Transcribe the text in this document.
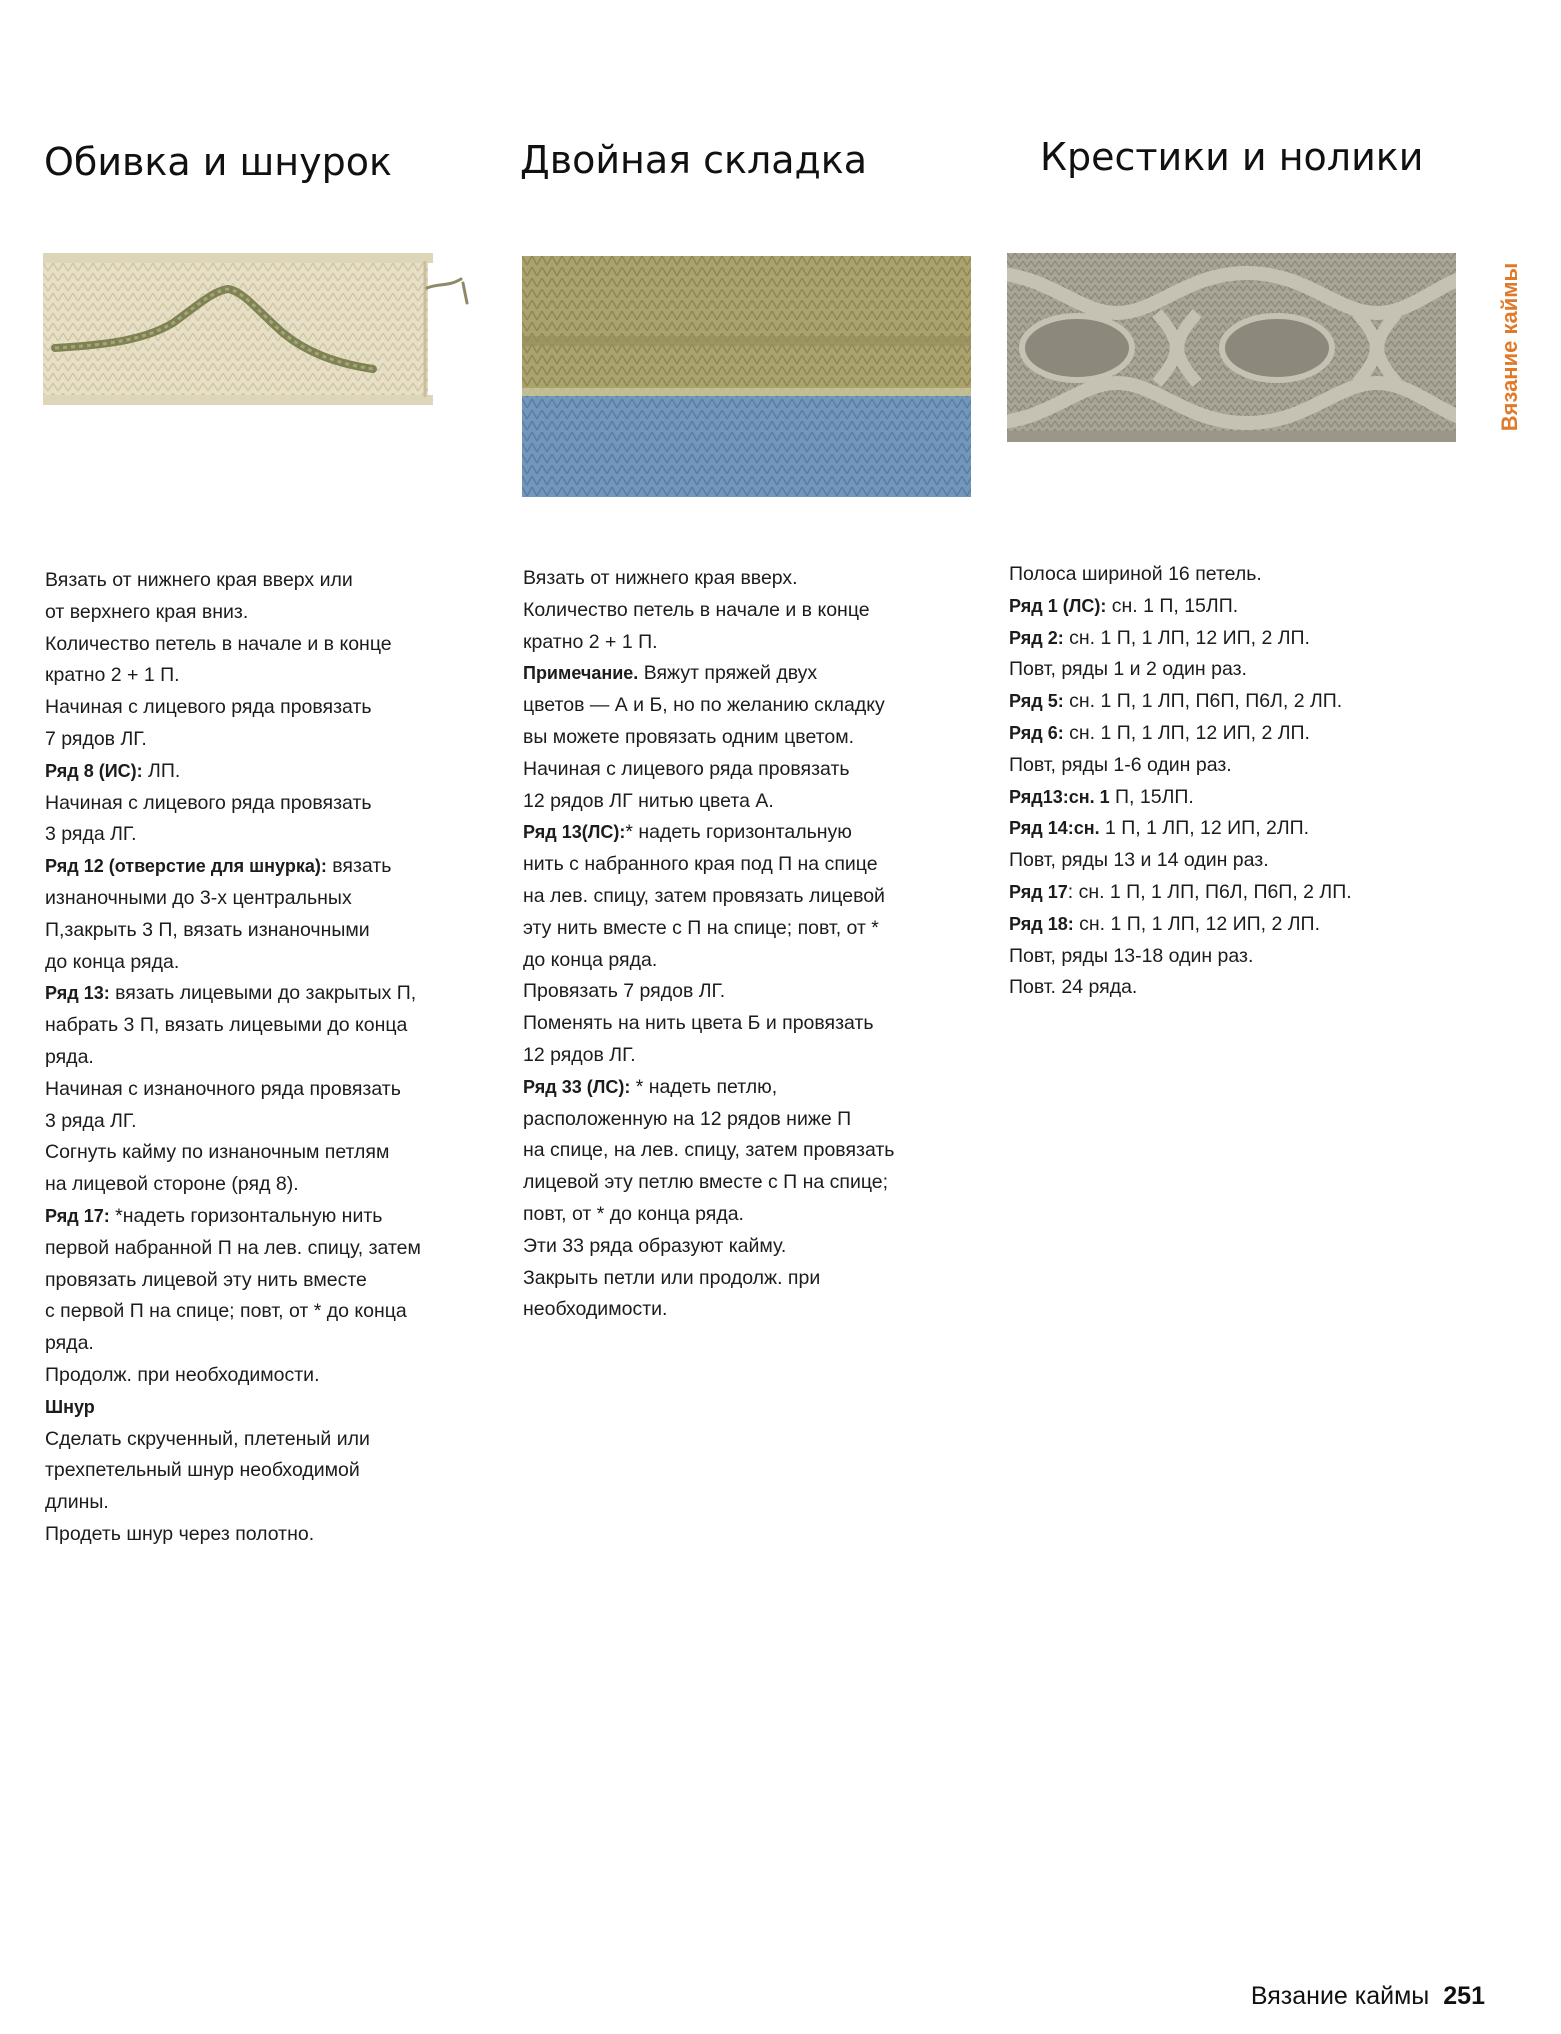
Обивка и шнурок	Двойная складка	Крестики и нолики
Вязание каймы
Вязать от нижнего края вверх или
от верхнего края вниз.
Количество петель в начале и в конце
кратно 2 + 1 П.
Начиная с лицевого ряда провязать
7 рядов ЛГ.
Ряд 8 (ИС): ЛП.
Начиная с лицевого ряда провязать
3 ряда ЛГ.
Ряд 12 (отверстие для шнурка): вязать
изнаночными до 3-х центральных
П,закрыть 3 П, вязать изнаночными
до конца ряда.
Ряд 13: вязать лицевыми до закрытых П,
набрать 3 П, вязать лицевыми до конца
ряда.
Начиная с изнаночного ряда провязать
3 ряда ЛГ.
Согнуть кайму по изнаночным петлям
на лицевой стороне (ряд 8).
Ряд 17: *надеть горизонтальную нить
первой набранной П на лев. спицу, затем
провязать лицевой эту нить вместе
с первой П на спице; повт, от * до конца
ряда.
Продолж. при необходимости.
Шнур
Сделать скрученный, плетеный или
трехпетельный шнур необходимой
длины.
Продеть шнур через полотно.
Вязать от нижнего края вверх.
Количество петель в начале и в конце
кратно 2 + 1 П.
Примечание. Вяжут пряжей двух
цветов — А и Б, но по желанию складку
вы можете провязать одним цветом.
Начиная с лицевого ряда провязать
12 рядов ЛГ нитью цвета А.
Ряд 13(ЛС):* надеть горизонтальную
нить с набранного края под П на спице
на лев. спицу, затем провязать лицевой
эту нить вместе с П на спице; повт, от *
до конца ряда.
Провязать 7 рядов ЛГ.
Поменять на нить цвета Б и провязать
12 рядов ЛГ.
Ряд 33 (ЛС): * надеть петлю,
расположенную на 12 рядов ниже П
на спице, на лев. спицу, затем провязать
лицевой эту петлю вместе с П на спице;
повт, от * до конца ряда.
Эти 33 ряда образуют кайму.
Закрыть петли или продолж. при
необходимости.
Полоса шириной 16 петель.
Ряд 1 (ЛС): сн. 1 П, 15ЛП.
Ряд 2: сн. 1 П, 1 ЛП, 12 ИП, 2 ЛП.
Повт, ряды 1 и 2 один раз.
Ряд 5: сн. 1 П, 1 ЛП, П6П, П6Л, 2 ЛП.
Ряд 6: сн. 1 П, 1 ЛП, 12 ИП, 2 ЛП.
Повт, ряды 1-6 один раз.
Ряд13:сн. 1 П, 15ЛП.
Ряд 14:сн. 1 П, 1 ЛП, 12 ИП, 2ЛП.
Повт, ряды 13 и 14 один раз.
Ряд 17: сн. 1 П, 1 ЛП, П6Л, П6П, 2 ЛП.
Ряд 18: сн. 1 П, 1 ЛП, 12 ИП, 2 ЛП.
Повт, ряды 13-18 один раз.
Повт. 24 ряда.
Вязание каймы 251
